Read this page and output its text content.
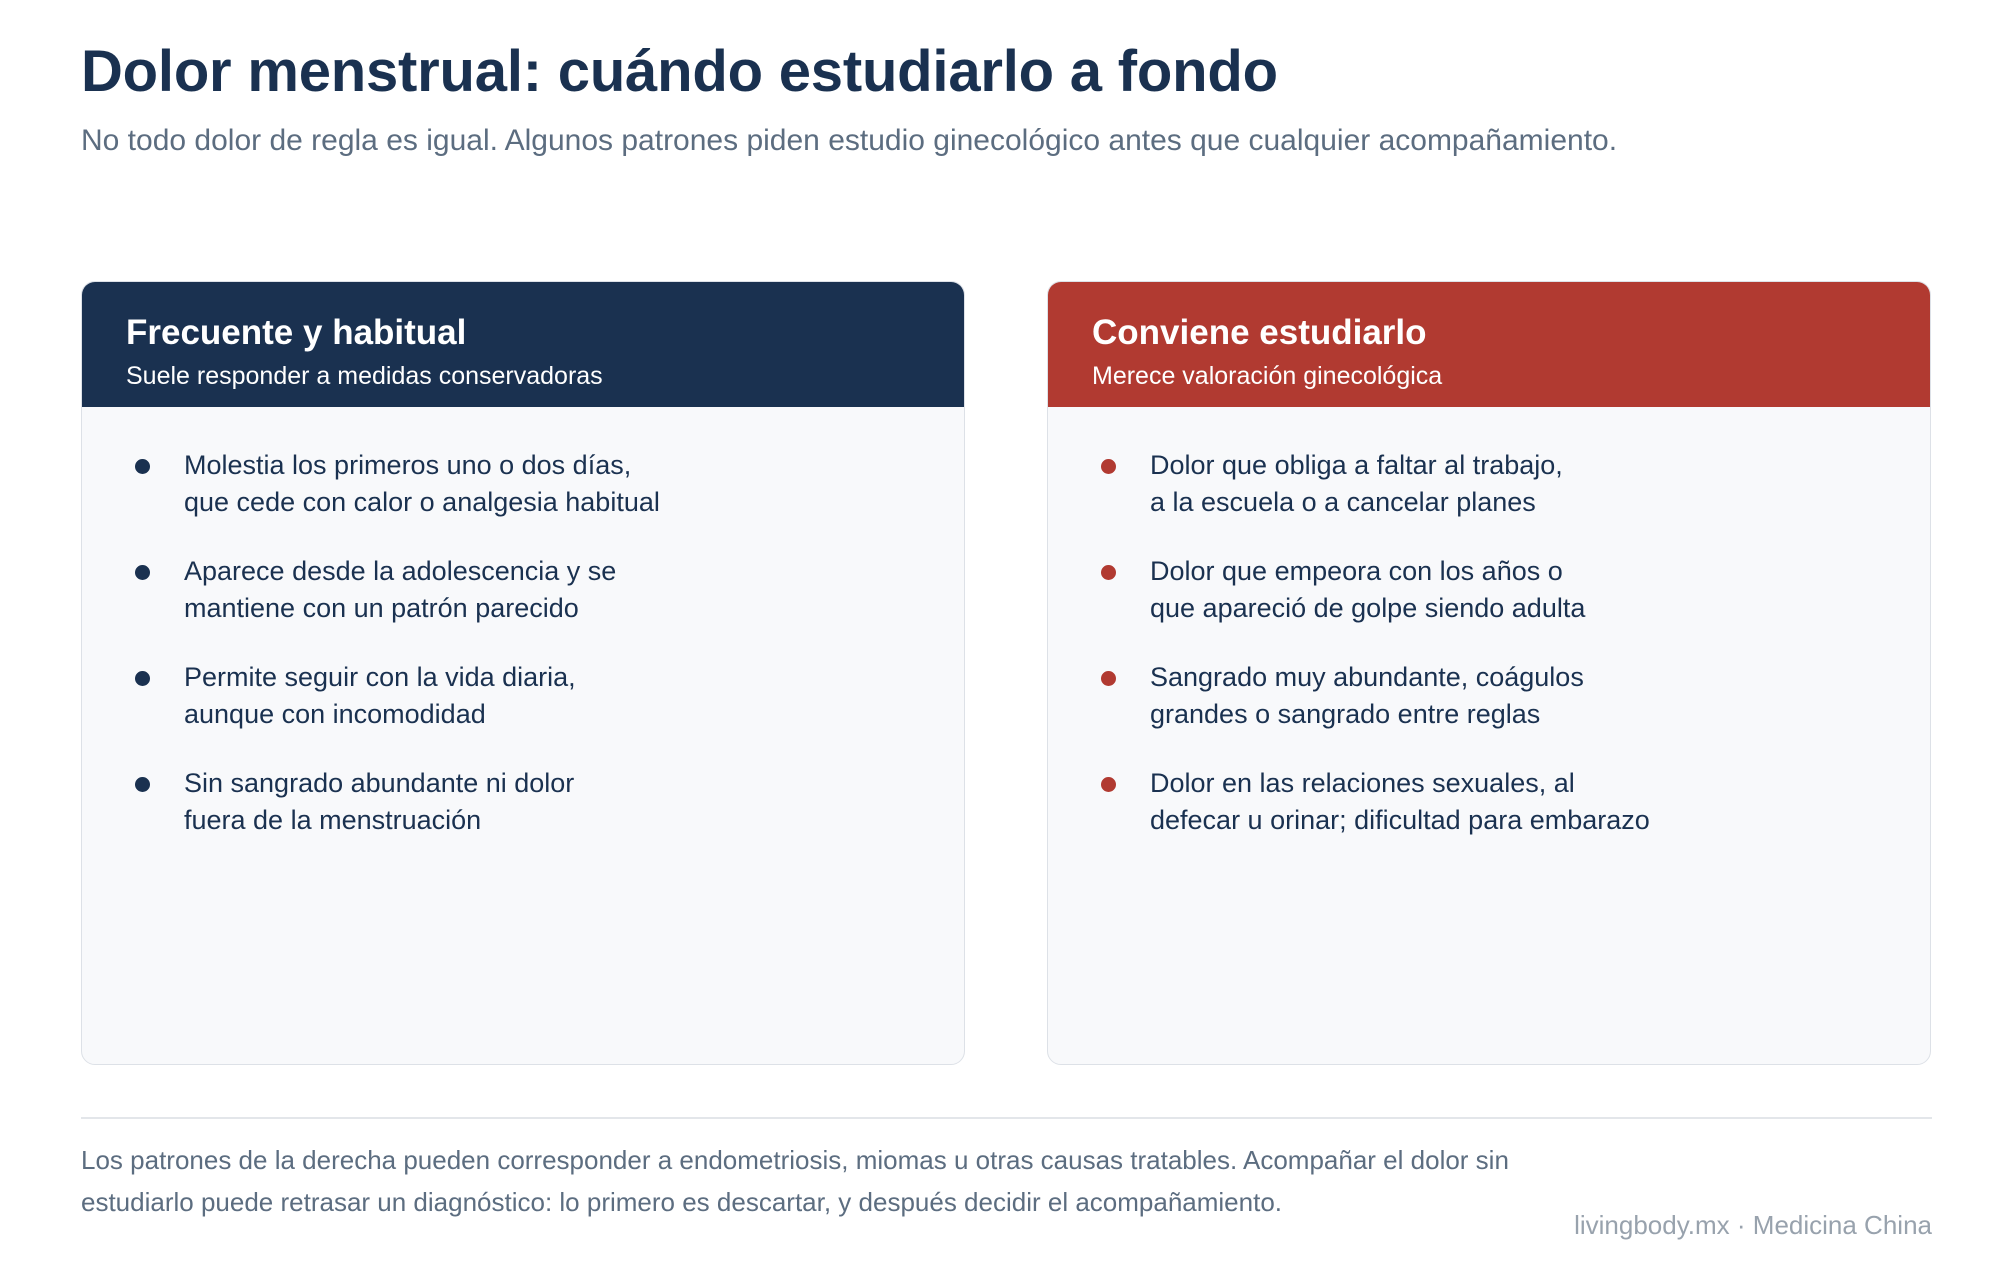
Dolor menstrual: cuándo estudiarlo a fondo

No todo dolor de regla es igual. Algunos patrones piden estudio ginecológico antes que cualquier acompañamiento.

Frecuente y habitual
Suele responder a medidas conservadoras
Molestia los primeros uno o dos días,
que cede con calor o analgesia habitual
Aparece desde la adolescencia y se
mantiene con un patrón parecido
Permite seguir con la vida diaria,
aunque con incomodidad
Sin sangrado abundante ni dolor
fuera de la menstruación
Conviene estudiarlo
Merece valoración ginecológica
Dolor que obliga a faltar al trabajo,
a la escuela o a cancelar planes
Dolor que empeora con los años o
que apareció de golpe siendo adulta
Sangrado muy abundante, coágulos
grandes o sangrado entre reglas
Dolor en las relaciones sexuales, al
defecar u orinar; dificultad para embarazo

Los patrones de la derecha pueden corresponder a endometriosis, miomas u otras causas tratables. Acompañar el dolor sin
estudiarlo puede retrasar un diagnóstico: lo primero es descartar, y después decidir el acompañamiento.

livingbody.mx · Medicina China
